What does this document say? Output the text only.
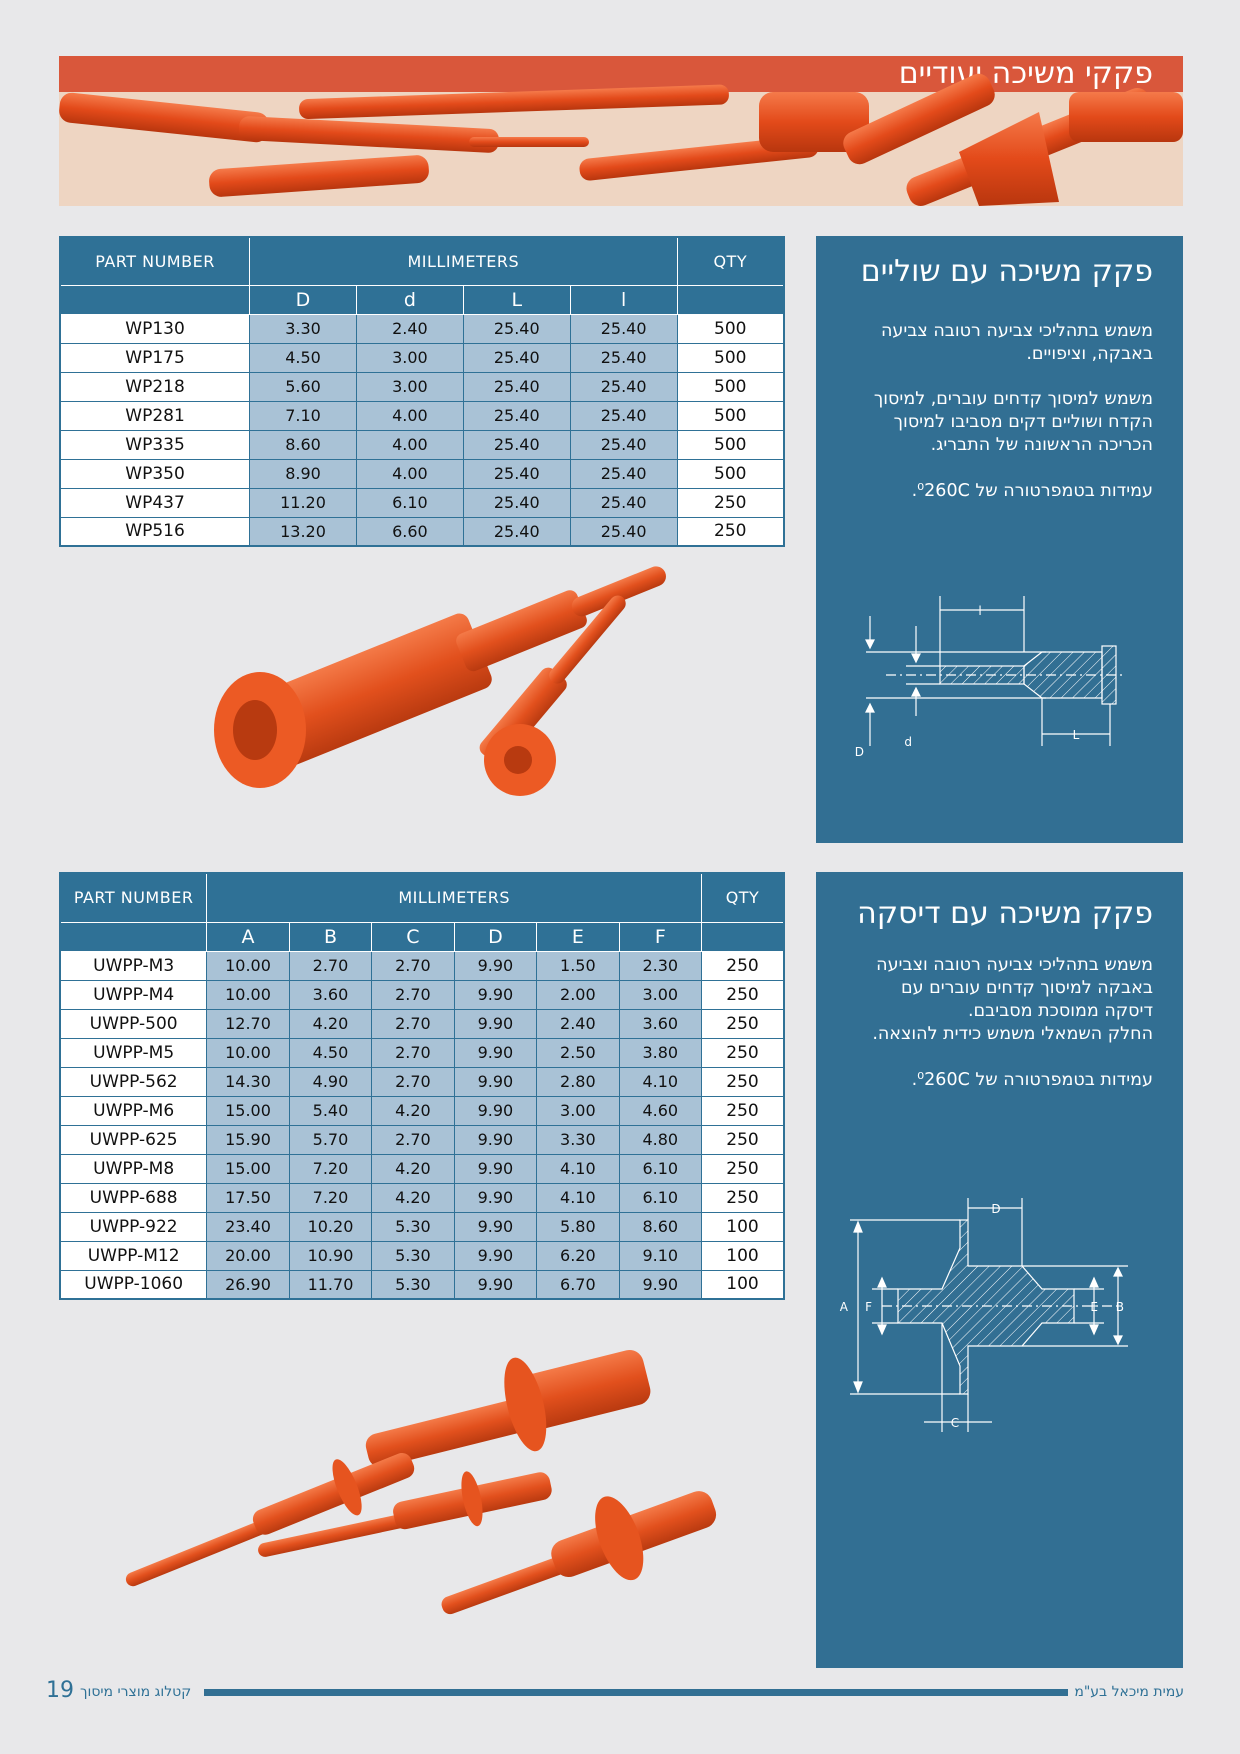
פקקי משיכה יעודיים
PART NUMBER	MILLIMETERS				QTY
	D	d	L	l	
WP130	3.30	2.40	25.40	25.40	500
WP175	4.50	3.00	25.40	25.40	500
WP218	5.60	3.00	25.40	25.40	500
WP281	7.10	4.00	25.40	25.40	500
WP335	8.60	4.00	25.40	25.40	500
WP350	8.90	4.00	25.40	25.40	500
WP437	11.20	6.10	25.40	25.40	250
WP516	13.20	6.60	25.40	25.40	250
פקק משיכה עם שוליים

משמש בתהליכי צביעה רטובה צביעה באבקה, וציפויים.

משמש למיסוך קדחים עוברים, למיסוך הקדח ושוליים דקים מסביבו למיסוך הכריכה הראשונה של התבריג.

עמידות בטמפרטורה של ⁰260C.

l
D
d	L
PART NUMBER	MILLIMETERS						QTY
	A	B	C	D	E	F	
UWPP-M3	10.00	2.70	2.70	9.90	1.50	2.30	250
UWPP-M4	10.00	3.60	2.70	9.90	2.00	3.00	250
UWPP-500	12.70	4.20	2.70	9.90	2.40	3.60	250
UWPP-M5	10.00	4.50	2.70	9.90	2.50	3.80	250
UWPP-562	14.30	4.90	2.70	9.90	2.80	4.10	250
UWPP-M6	15.00	5.40	4.20	9.90	3.00	4.60	250
UWPP-625	15.90	5.70	2.70	9.90	3.30	4.80	250
UWPP-M8	15.00	7.20	4.20	9.90	4.10	6.10	250
UWPP-688	17.50	7.20	4.20	9.90	4.10	6.10	250
UWPP-922	23.40	10.20	5.30	9.90	5.80	8.60	100
UWPP-M12	20.00	10.90	5.30	9.90	6.20	9.10	100
UWPP-1060	26.90	11.70	5.30	9.90	6.70	9.90	100
פקק משיכה עם דיסקה

משמש בתהליכי צביעה רטובה וצביעה באבקה למיסוך קדחים עוברים עם דיסקה ממוסכת מסביבם.

החלק השמאלי משמש כידית להוצאה.

עמידות בטמפרטורה של ⁰260C.

D
A F	E B
C
19 קטלוג מוצרי מיסוך	עמית מיכאל בע"מ
